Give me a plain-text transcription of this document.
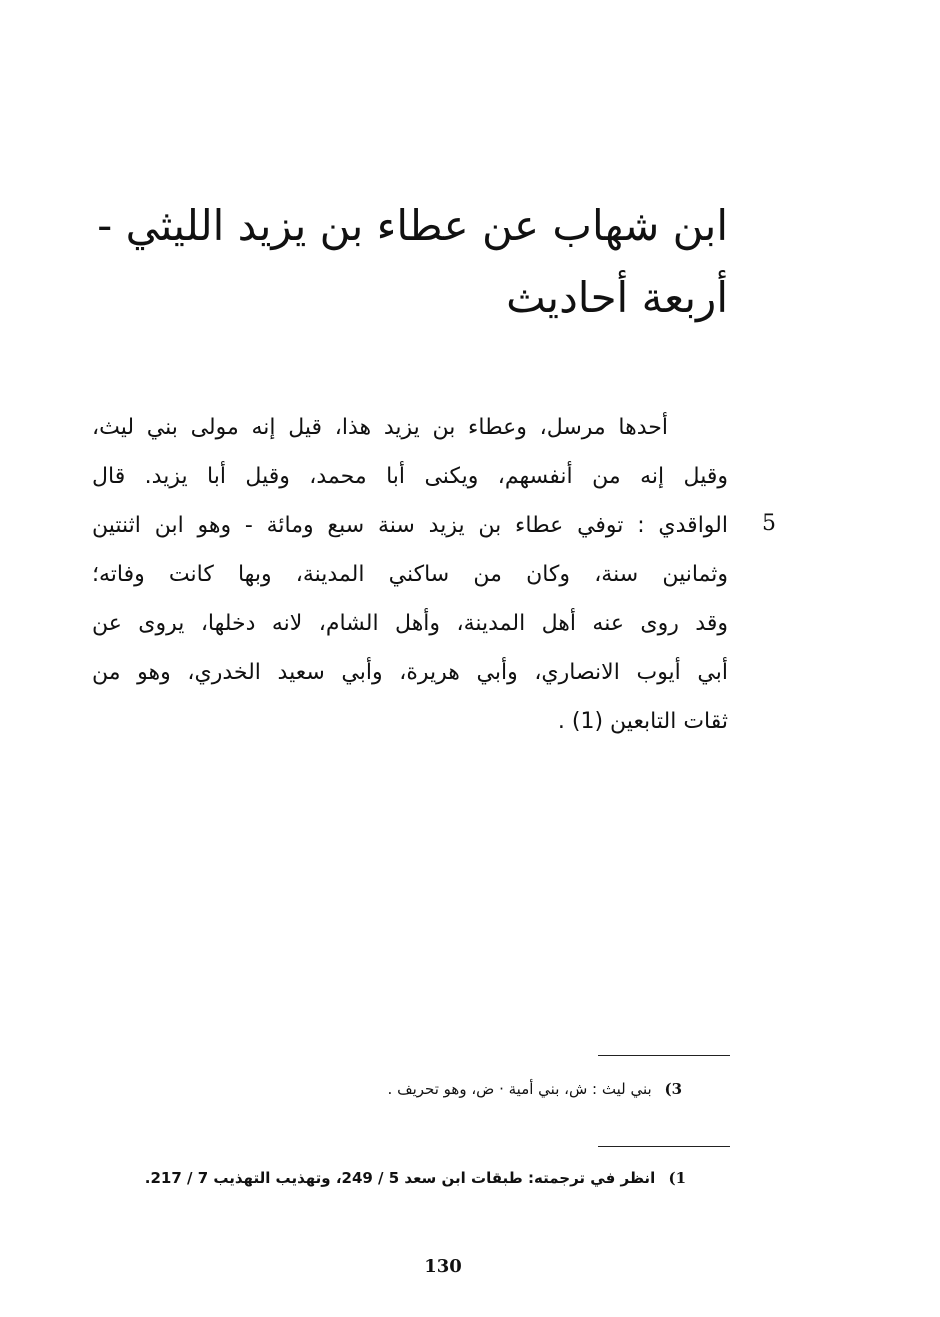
ابن شهاب عن عطاء بن يزيد الليثي -
أربعة أحاديث
أحدها مرسل، وعطاء بن يزيد هذا، قيل إنه مولى بني ليث،
وقيل إنه من أنفسهم، ويكنى أبا محمد، وقيل أبا يزيد. قال
الواقدي : توفي عطاء بن يزيد سنة سبع ومائة - وهو ابن اثنتين
وثمانين سنة، وكان من ساكني المدينة، وبها كانت وفاته؛
وقد روى عنه أهل المدينة، وأهل الشام، لانه دخلها، يروى عن
أبي أيوب الانصاري، وأبي هريرة، وأبي سعيد الخدري، وهو من
ثقات التابعين (1) .
5
3) بني ليث : ش، بني أمية · ض، وهو تحريف .
1) انظر في ترجمته: طبقات ابن سعد 5 / 249، وتهذيب التهذيب 7 / 217.
130
